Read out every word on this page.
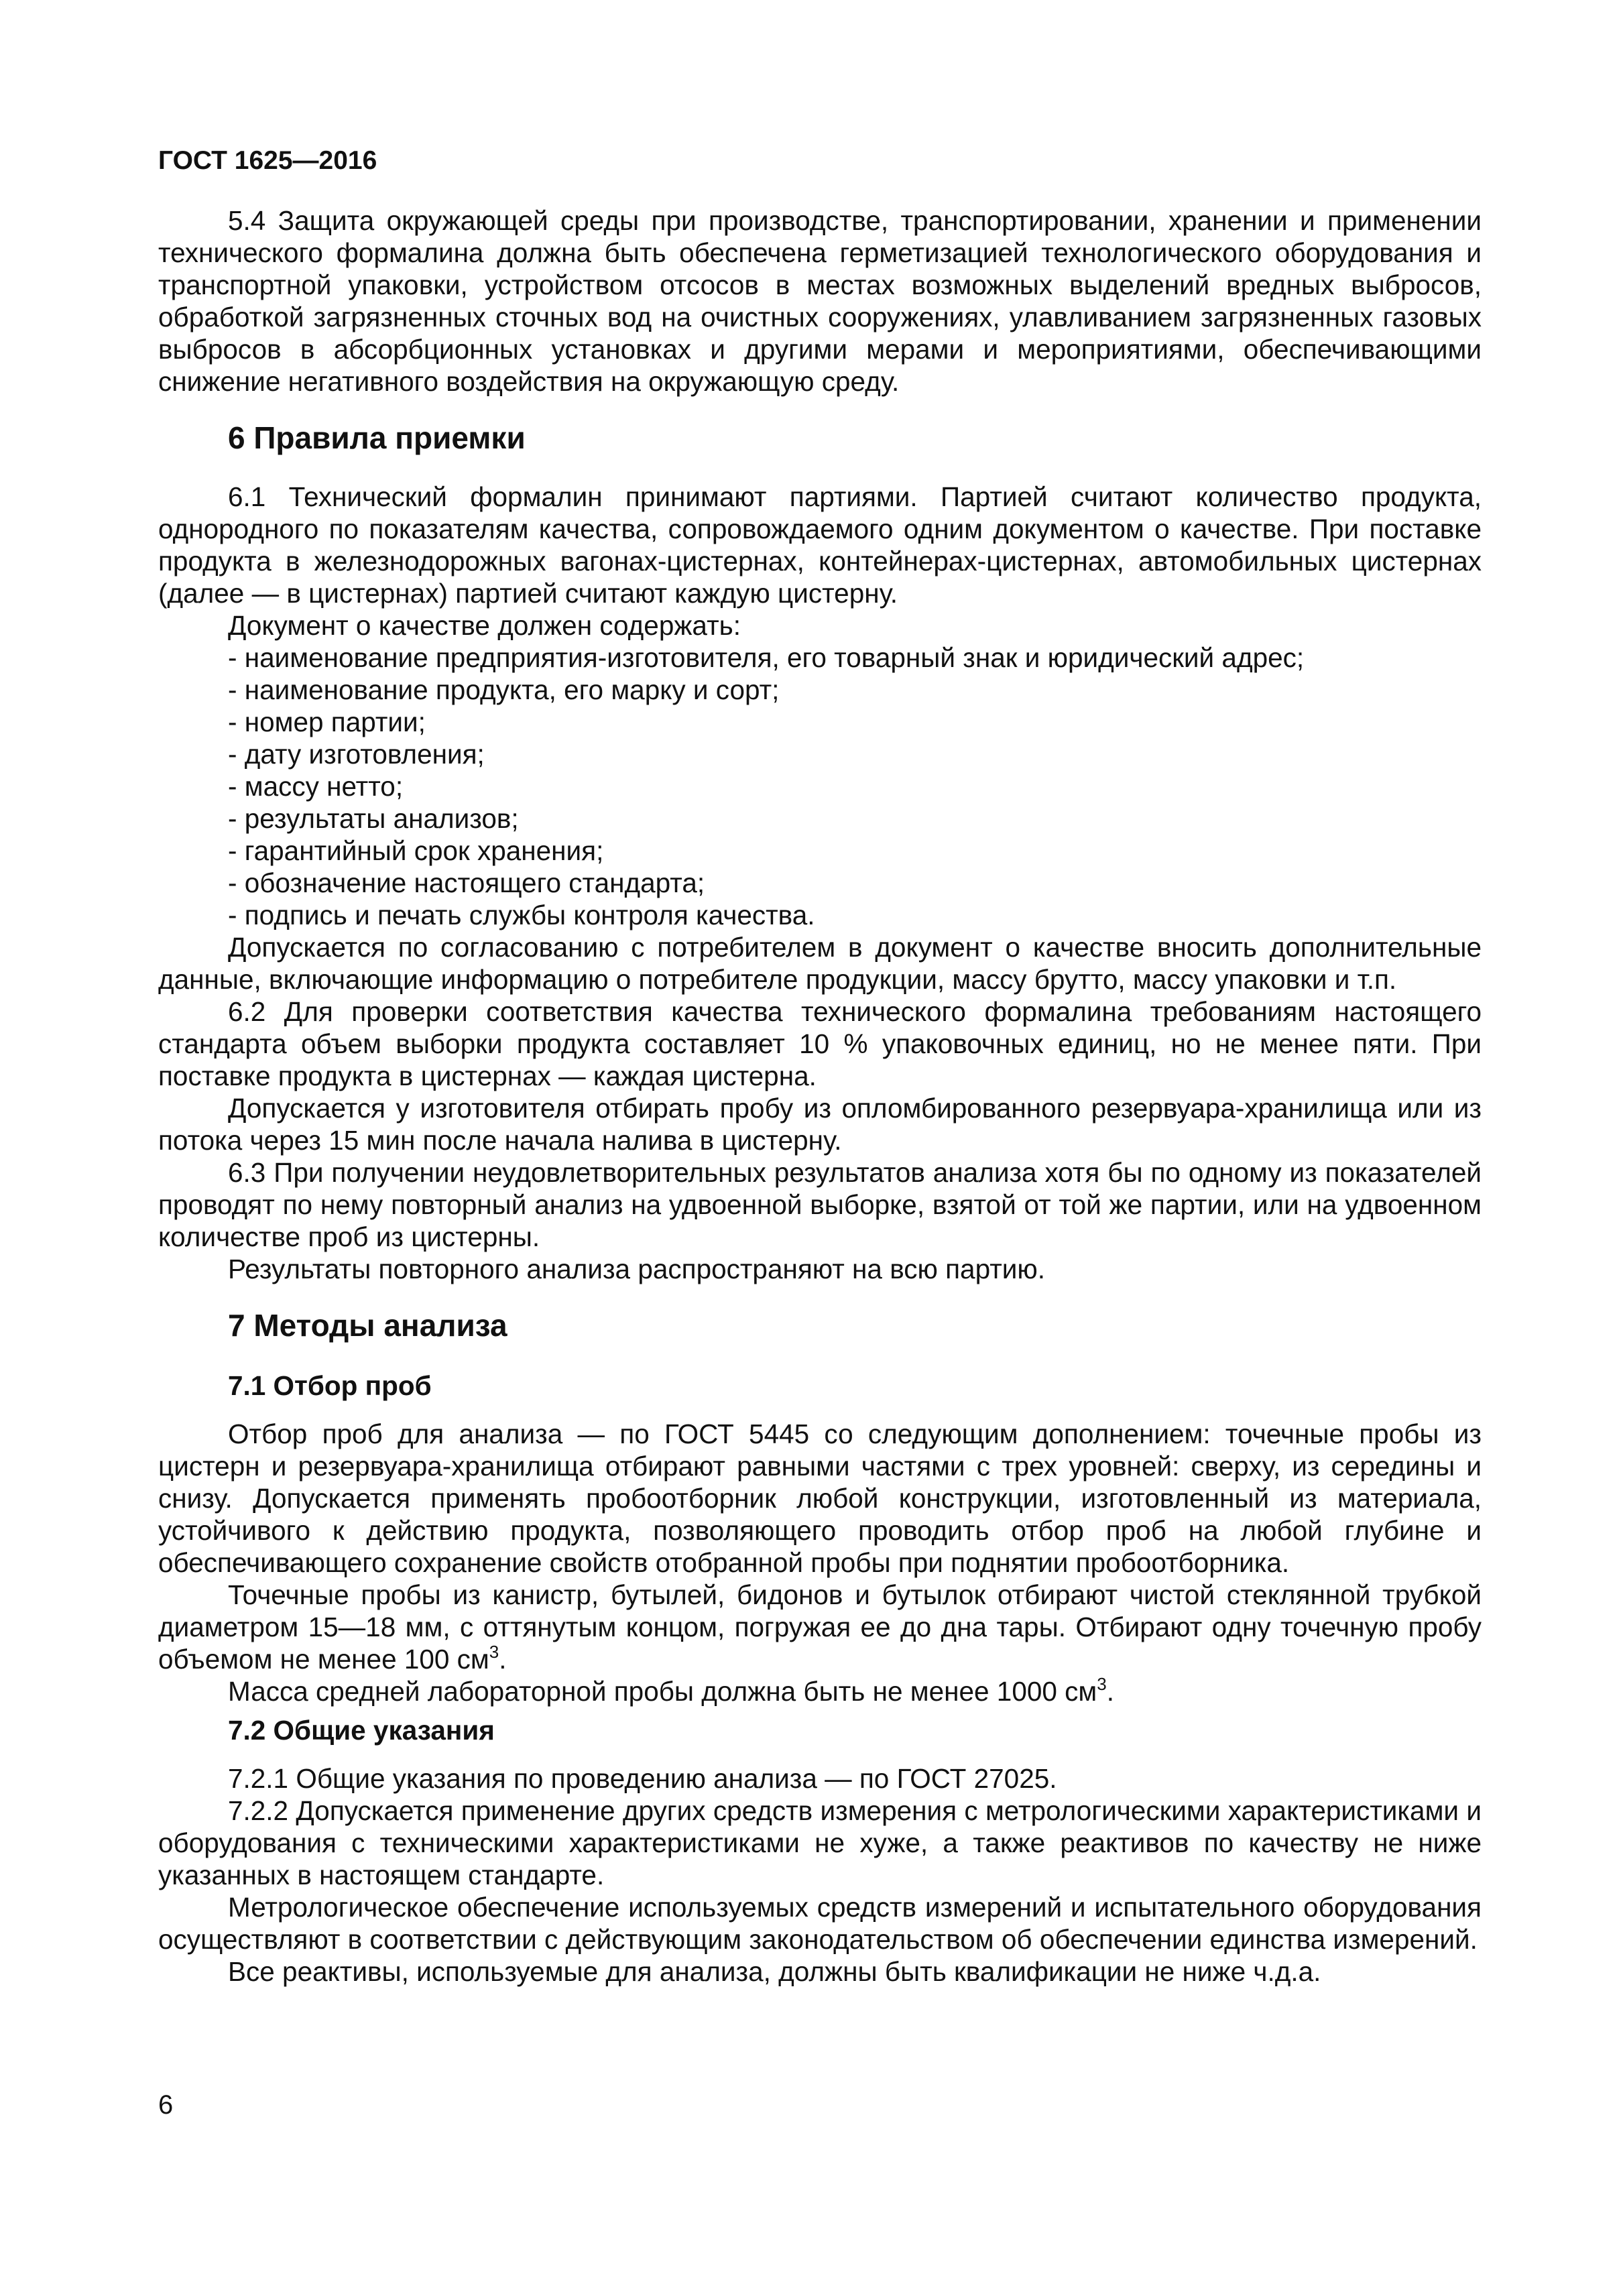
ГОСТ 1625—2016

5.4 Защита окружающей среды при производстве, транспортировании, хранении и применении технического формалина должна быть обеспечена герметизацией технологического оборудования и транспортной упаковки, устройством отсосов в местах возможных выделений вредных выбросов, обработкой загрязненных сточных вод на очистных сооружениях, улавливанием загрязненных газовых выбросов в абсорбционных установках и другими мерами и мероприятиями, обеспечивающими снижение негативного воздействия на окружающую среду.

6 Правила приемки

6.1 Технический формалин принимают партиями. Партией считают количество продукта, однородного по показателям качества, сопровождаемого одним документом о качестве. При поставке продукта в железнодорожных вагонах-цистернах, контейнерах-цистернах, автомобильных цистернах (далее — в цистернах) партией считают каждую цистерну.

Документ о качестве должен содержать:

- наименование предприятия-изготовителя, его товарный знак и юридический адрес;
- наименование продукта, его марку и сорт;
- номер партии;
- дату изготовления;
- массу нетто;
- результаты анализов;
- гарантийный срок хранения;
- обозначение настоящего стандарта;
- подпись и печать службы контроля качества.

Допускается по согласованию с потребителем в документ о качестве вносить дополнительные данные, включающие информацию о потребителе продукции, массу брутто, массу упаковки и т.п.

6.2 Для проверки соответствия качества технического формалина требованиям настоящего стандарта объем выборки продукта составляет 10 % упаковочных единиц, но не менее пяти. При поставке продукта в цистернах — каждая цистерна.

Допускается у изготовителя отбирать пробу из опломбированного резервуара-хранилища или из потока через 15 мин после начала налива в цистерну.

6.3 При получении неудовлетворительных результатов анализа хотя бы по одному из показателей проводят по нему повторный анализ на удвоенной выборке, взятой от той же партии, или на удвоенном количестве проб из цистерны.

Результаты повторного анализа распространяют на всю партию.

7 Методы анализа
7.1 Отбор проб

Отбор проб для анализа — по ГОСТ 5445 со следующим дополнением: точечные пробы из цистерн и резервуара-хранилища отбирают равными частями с трех уровней: сверху, из середины и снизу. Допускается применять пробоотборник любой конструкции, изготовленный из материала, устойчивого к действию продукта, позволяющего проводить отбор проб на любой глубине и обеспечивающего сохранение свойств отобранной пробы при поднятии пробоотборника.

Точечные пробы из канистр, бутылей, бидонов и бутылок отбирают чистой стеклянной трубкой диаметром 15—18 мм, с оттянутым концом, погружая ее до дна тары. Отбирают одну точечную пробу объемом не менее 100 $см^3$.

Масса средней лабораторной пробы должна быть не менее 1000 $см^3$.

7.2 Общие указания

7.2.1 Общие указания по проведению анализа — по ГОСТ 27025.

7.2.2 Допускается применение других средств измерения с метрологическими характеристиками и оборудования с техническими характеристиками не хуже, а также реактивов по качеству не ниже указанных в настоящем стандарте.

Метрологическое обеспечение используемых средств измерений и испытательного оборудования осуществляют в соответствии с действующим законодательством об обеспечении единства измерений.

Все реактивы, используемые для анализа, должны быть квалификации не ниже ч.д.а.

6
